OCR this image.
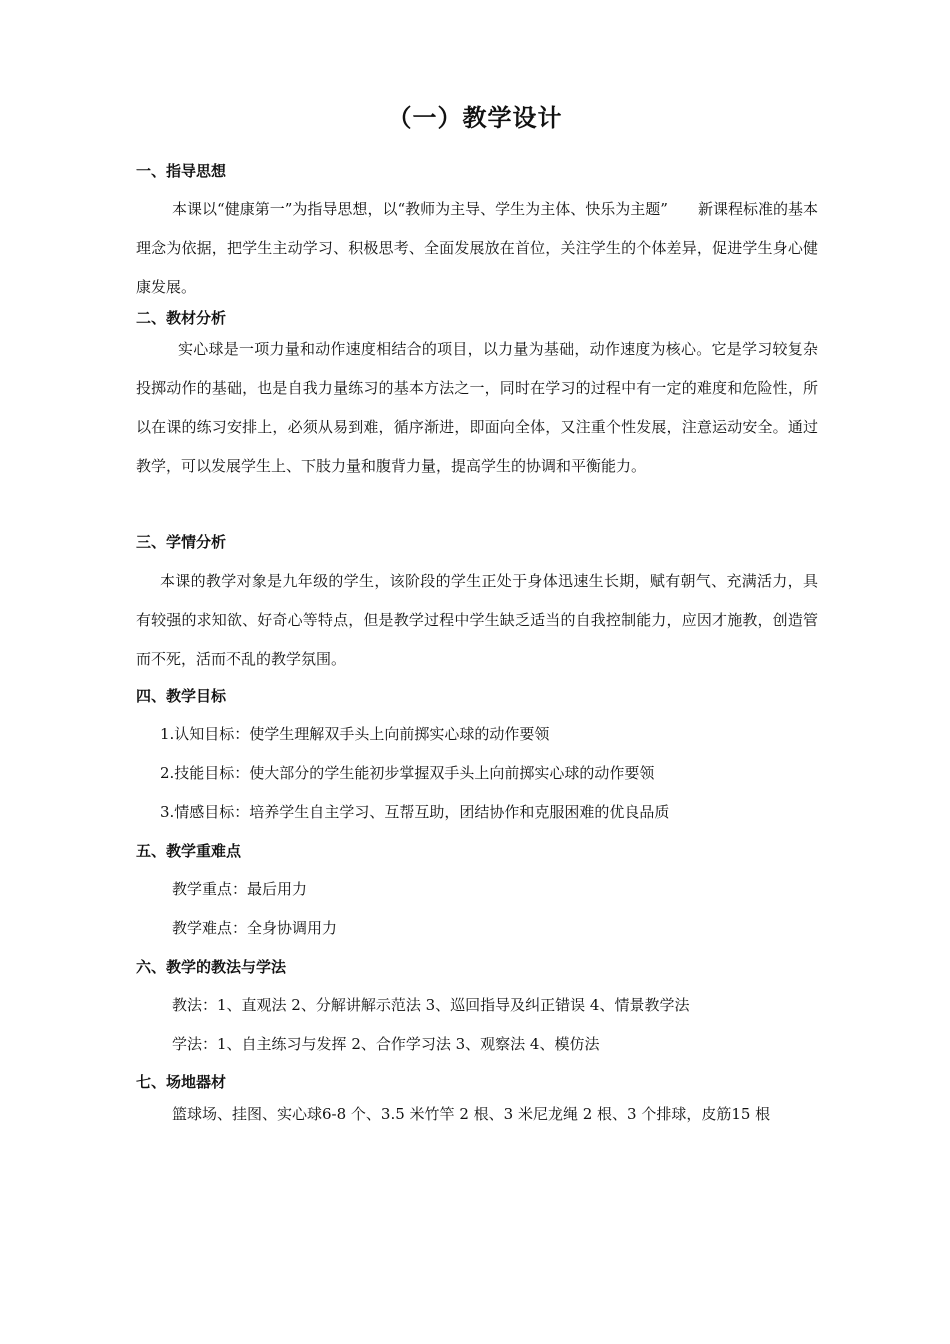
（一）教学设计
一、指导思想
本课以“健康第一”为指导思想，以“教师为主导、学生为主体、快乐为主题”　　新课程标准的基本理念为依据，把学生主动学习、积极思考、全面发展放在首位，关注学生的个体差异，促进学生身心健康发展。
二、教材分析
实心球是一项力量和动作速度相结合的项目，以力量为基础，动作速度为核心。它是学习较复杂投掷动作的基础，也是自我力量练习的基本方法之一，同时在学习的过程中有一定的难度和危险性，所以在课的练习安排上，必须从易到难，循序渐进，即面向全体，又注重个性发展，注意运动安全。通过教学，可以发展学生上、下肢力量和腹背力量，提高学生的协调和平衡能力。
三、学情分析
本课的教学对象是九年级的学生，该阶段的学生正处于身体迅速生长期，赋有朝气、充满活力，具有较强的求知欲、好奇心等特点，但是教学过程中学生缺乏适当的自我控制能力，应因才施教，创造管而不死，活而不乱的教学氛围。
四、教学目标
1.认知目标：使学生理解双手头上向前掷实心球的动作要领
2.技能目标：使大部分的学生能初步掌握双手头上向前掷实心球的动作要领
3.情感目标：培养学生自主学习、互帮互助，团结协作和克服困难的优良品质
五、教学重难点
教学重点：最后用力
教学难点：全身协调用力
六、教学的教法与学法
教法：1、直观法 2、分解讲解示范法 3、巡回指导及纠正错误 4、情景教学法
学法：1、自主练习与发挥 2、合作学习法 3、观察法 4、模仿法
七、场地器材
篮球场、挂图、实心球6-8 个、3.5 米竹竿 2 根、3 米尼龙绳 2 根、3 个排球，皮筋15 根
